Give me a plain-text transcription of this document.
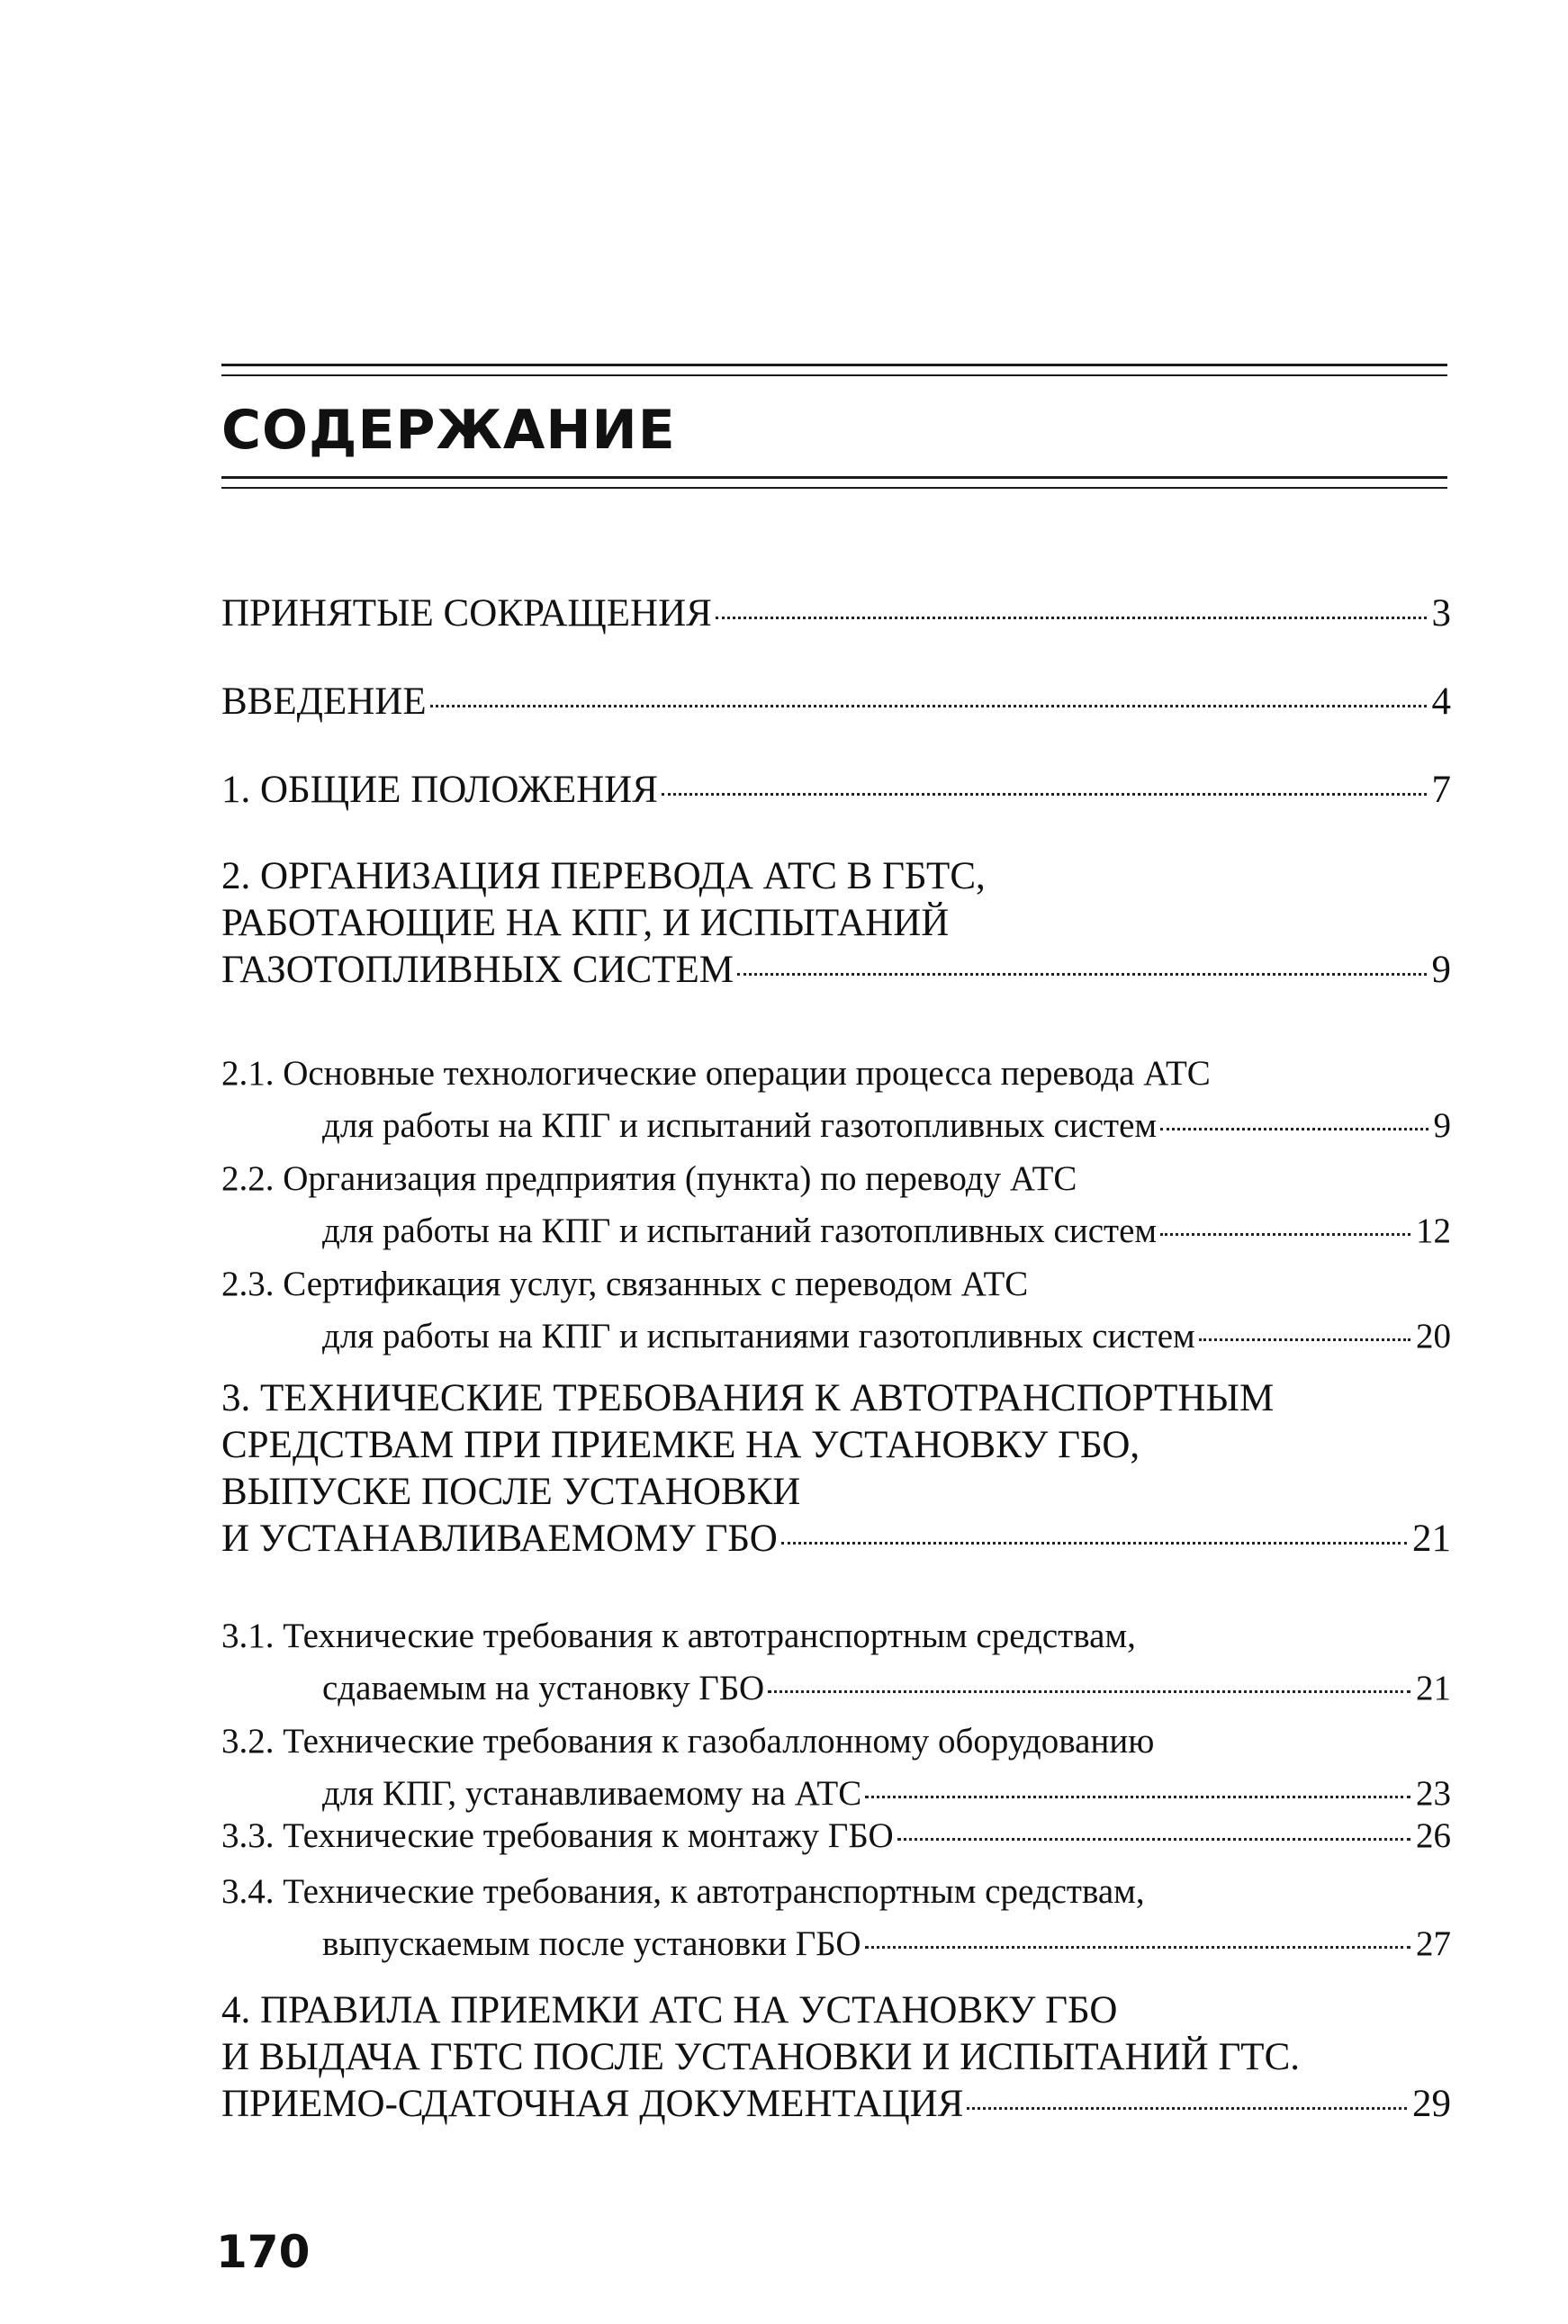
СОДЕРЖАНИЕ
ПРИНЯТЫЕ СОКРАЩЕНИЯ	3
ВВЕДЕНИЕ	4
1. ОБЩИЕ ПОЛОЖЕНИЯ	7
2. ОРГАНИЗАЦИЯ ПЕРЕВОДА АТС В ГБТС,
РАБОТАЮЩИЕ НА КПГ, И ИСПЫТАНИЙ
ГАЗОТОПЛИВНЫХ СИСТЕМ	9
2.1. Основные технологические операции процесса перевода АТС
для работы на КПГ и испытаний газотопливных систем	9
2.2. Организация предприятия (пункта) по переводу АТС
для работы на КПГ и испытаний газотопливных систем	12
2.3. Сертификация услуг, связанных с переводом АТС
для работы на КПГ и испытаниями газотопливных систем	20
3. ТЕХНИЧЕСКИЕ ТРЕБОВАНИЯ К АВТОТРАНСПОРТНЫМ
СРЕДСТВАМ ПРИ ПРИЕМКЕ НА УСТАНОВКУ ГБО,
ВЫПУСКЕ ПОСЛЕ УСТАНОВКИ
И УСТАНАВЛИВАЕМОМУ ГБО	21
3.1. Технические требования к автотранспортным средствам,
сдаваемым на установку ГБО	21
3.2. Технические требования к газобаллонному оборудованию
для КПГ, устанавливаемому на АТС	23
3.3. Технические требования к монтажу ГБО	26
3.4. Технические требования, к автотранспортным средствам,
выпускаемым после установки ГБО	27
4. ПРАВИЛА ПРИЕМКИ АТС НА УСТАНОВКУ ГБО
И ВЫДАЧА ГБТС ПОСЛЕ УСТАНОВКИ И ИСПЫТАНИЙ ГТС.
ПРИЕМО-СДАТОЧНАЯ ДОКУМЕНТАЦИЯ	29
170
